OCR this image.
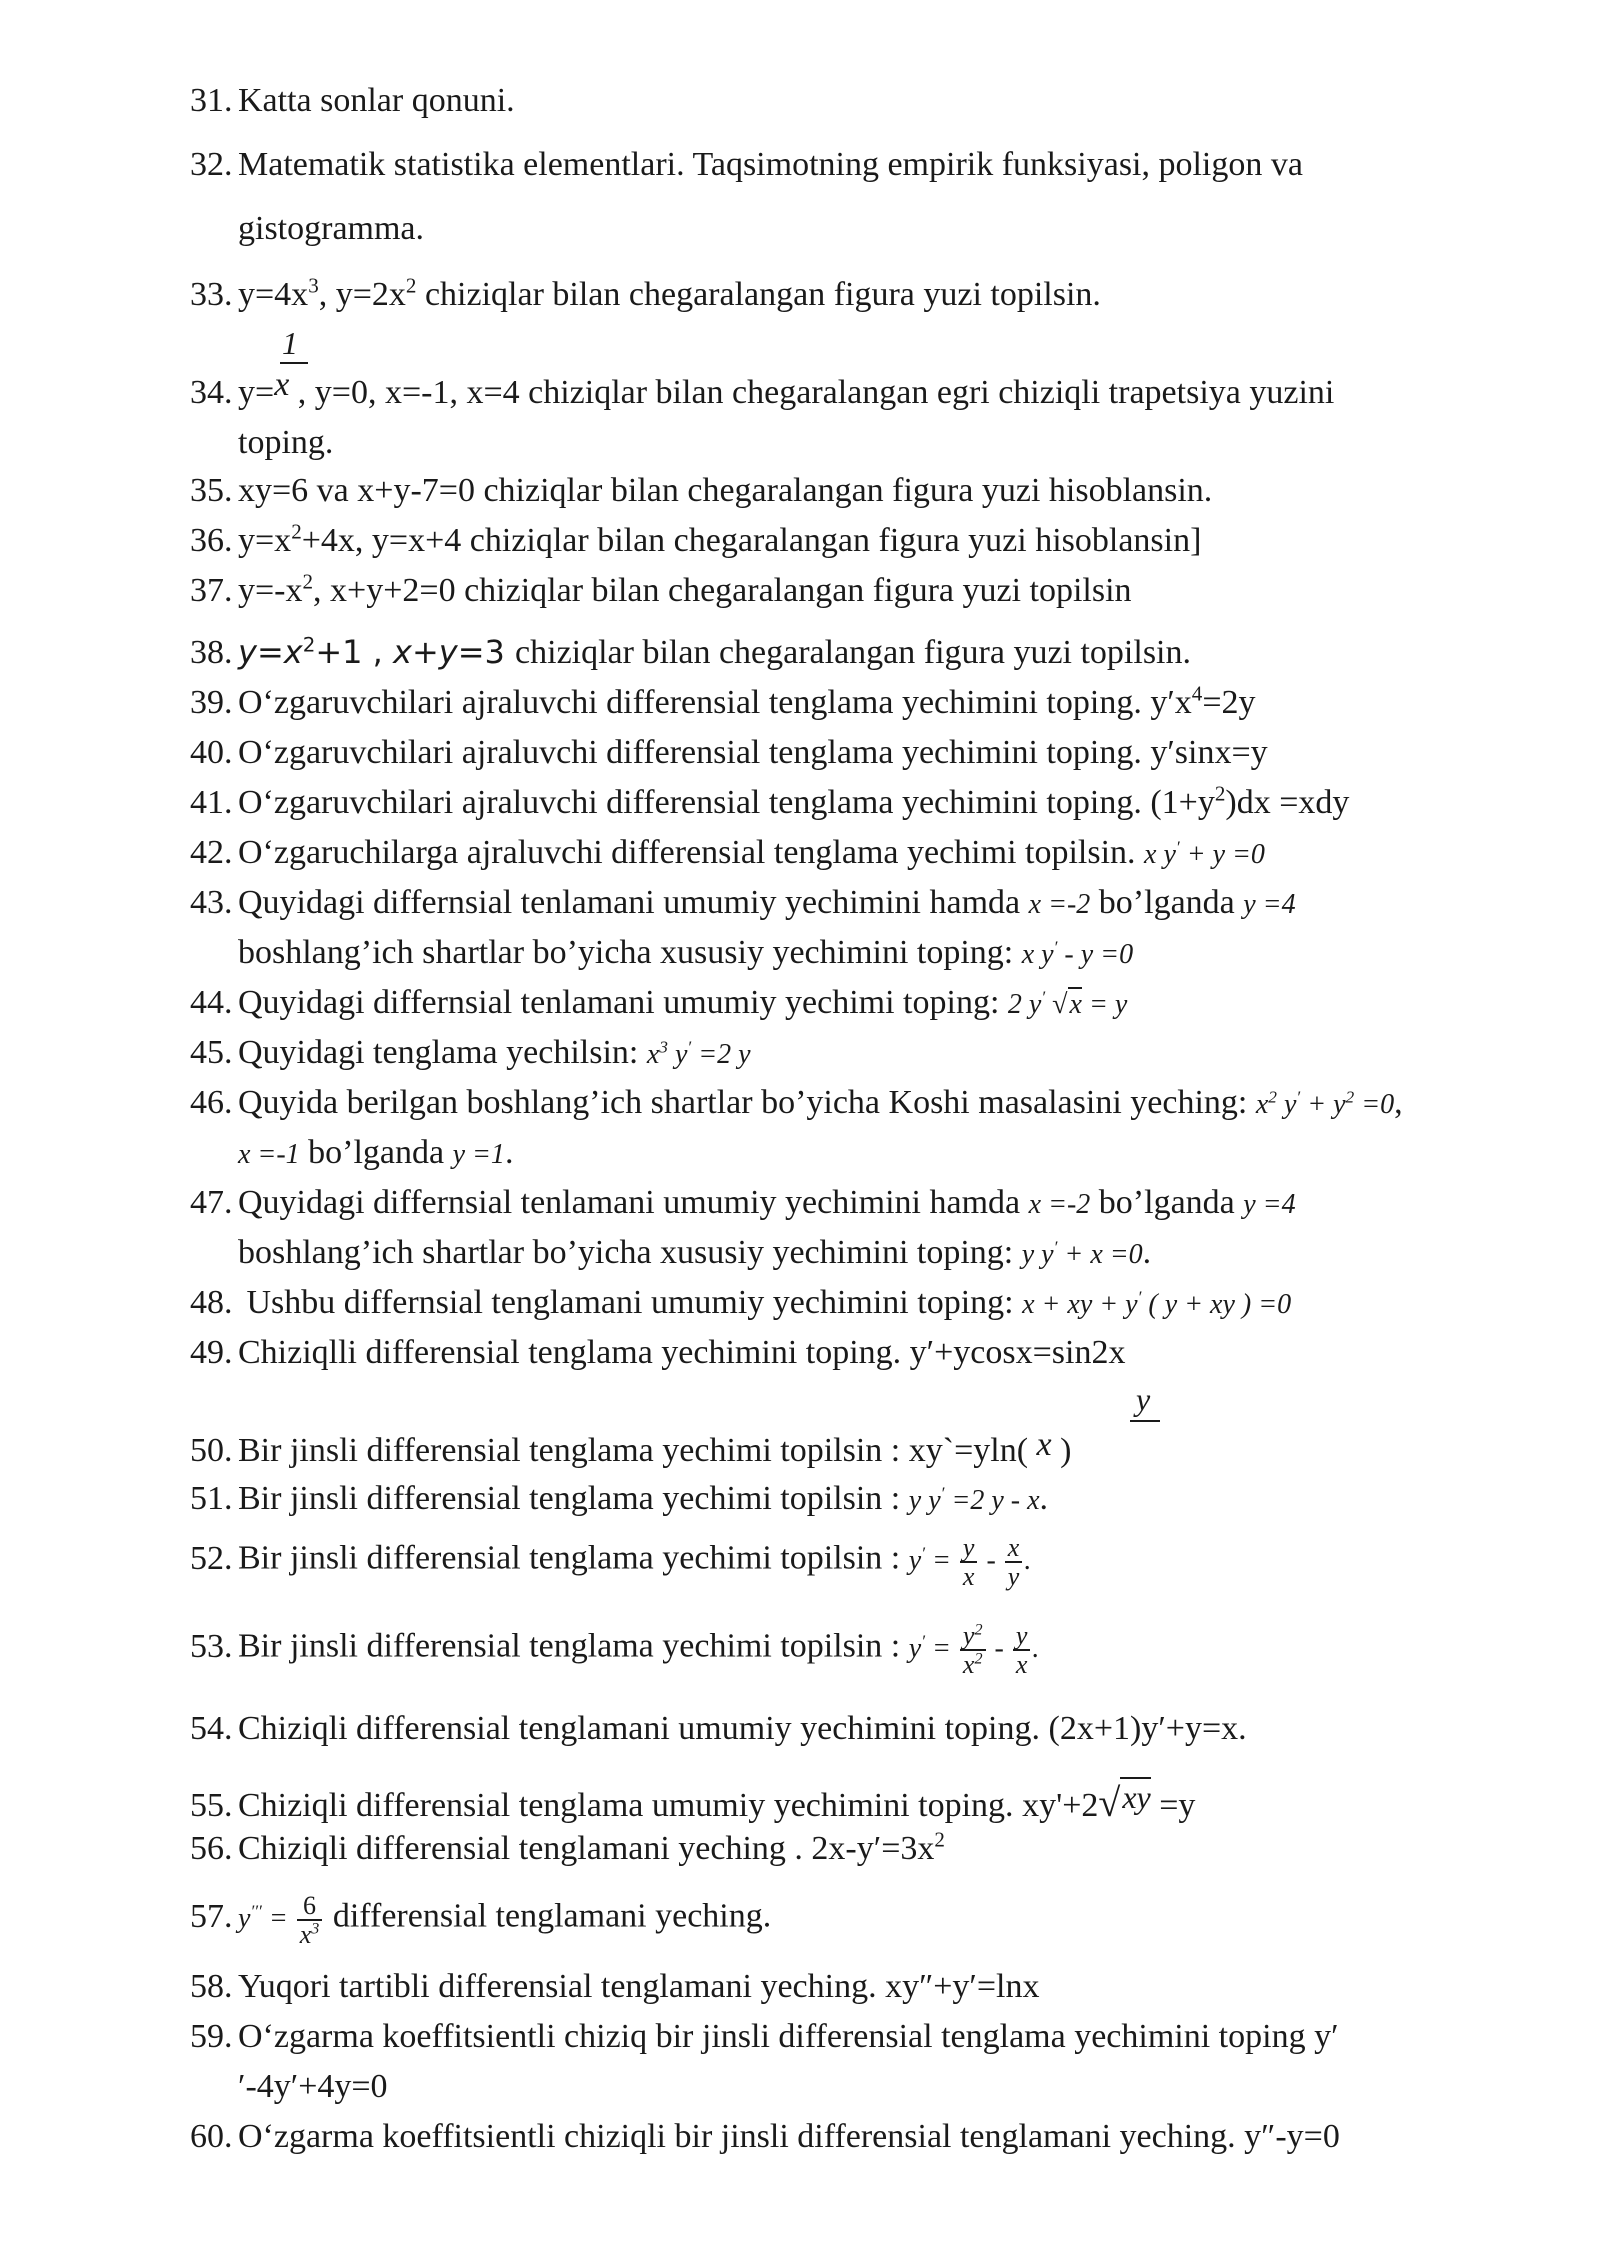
31. Katta sonlar qonuni.
32. Matematik statistika elementlari. Taqsimotning empirik funksiyasi, poligon va
gistogramma.
33. $y=4x^3$, $y=2x^2$ chiziqlar bilan chegaralangan figura yuzi topilsin.
1
34. y=x , y=0, x=-1, x=4 chiziqlar bilan chegaralangan egri chiziqli trapetsiya yuzini
toping.
35. xy=6 va x+y-7=0 chiziqlar bilan chegaralangan figura yuzi hisoblansin.
36. $y=x^2+4x$, y=x+4 chiziqlar bilan chegaralangan figura yuzi hisoblansin]
37. $y=-x^2$, x+y+2=0 chiziqlar bilan chegaralangan figura yuzi topilsin
38. $y=x^2+1$ , x+y=3 chiziqlar bilan chegaralangan figura yuzi topilsin.
39. O‘zgaruvchilari ajraluvchi differensial tenglama yechimini toping. $y'x^4=2y$
40. O‘zgaruvchilari ajraluvchi differensial tenglama yechimini toping. y′sinx=y
41. O‘zgaruvchilari ajraluvchi differensial tenglama yechimini toping. $(1+y^2)dx =xdy$
42. O‘zgaruchilarga ajraluvchi differensial tenglama yechimi topilsin. x y′ + y =0
43. Quyidagi differnsial tenlamani umumiy yechimini hamda x =-2 bo’lganda y =4
boshlang’ich shartlar bo’yicha xususiy yechimini toping: x y′ - y =0
44. Quyidagi differnsial tenlamani umumiy yechimi toping: 2 y′ √x = y
45. Quyidagi tenglama yechilsin: $x^3$ y′ =2 y
46. Quyida berilgan boshlang’ich shartlar bo’yicha Koshi masalasini yeching: $x^2$ $y' + y^2 =0$,
x =-1 bo’lganda y =1.
47. Quyidagi differnsial tenlamani umumiy yechimini hamda x =-2 bo’lganda y =4
boshlang’ich shartlar bo’yicha xususiy yechimini toping: y y′ + x =0.
48. Ushbu differnsial tenglamani umumiy yechimini toping: x + xy + y′ ( y + xy ) =0
49. Chiziqlli differensial tenglama yechimini toping. y′+ycosx=sin2x
y
50. Bir jinsli differensial tenglama yechimi topilsin : xy`=yln( x )
51. Bir jinsli differensial tenglama yechimi topilsin : y y′ =2 y - x.
52. Bir jinsli differensial tenglama yechimi topilsin : $y' = \frac{y}{x} - \frac{x}{y}$ .
53. Bir jinsli differensial tenglama yechimi topilsin : $y' = \frac{y^2}{x^2} - \frac{y}{x}$ .
54. Chiziqli differensial tenglamani umumiy yechimini toping. (2x+1)y′+y=x.
55. Chiziqli differensial tenglama umumiy yechimini toping. xy'+2√xy =y
56. Chiziqli differensial tenglamani yeching . $2x-y'=3x^2$
57. $y''' = \frac{6}{x^3}$ differensial tenglamani yeching.
58. Yuqori tartibli differensial tenglamani yeching. xy″+y′=lnx
59. O‘zgarma koeffitsientli chiziq bir jinsli differensial tenglama yechimini toping y′
′-4y′+4y=0
60. O‘zgarma koeffitsientli chiziqli bir jinsli differensial tenglamani yeching. y″-y=0
